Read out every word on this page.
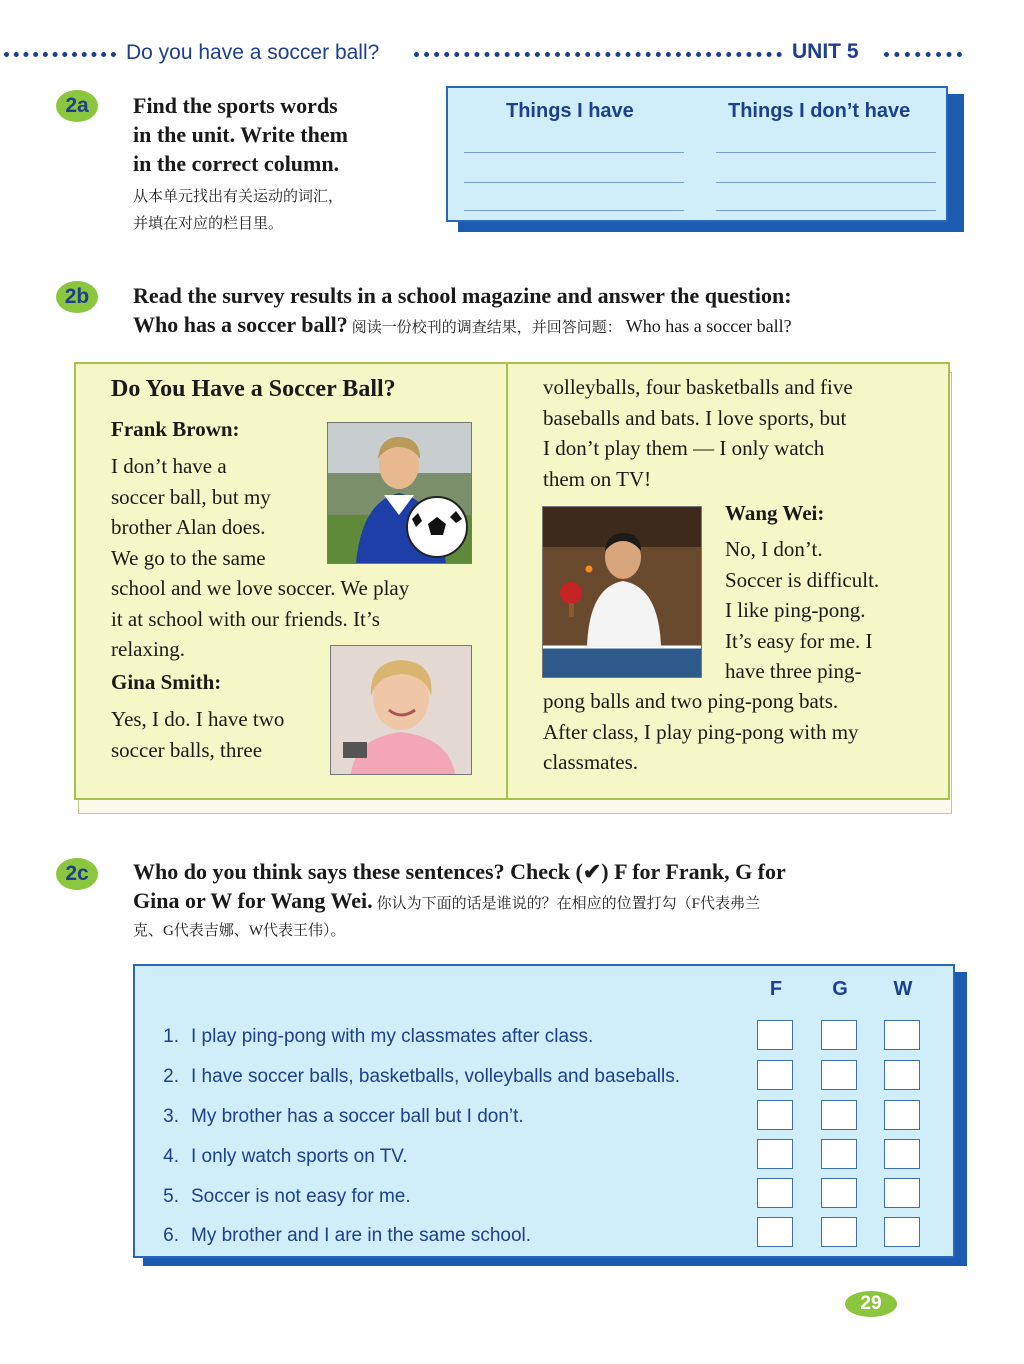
Do you have a soccer ball?	UNIT 5
2a	Find the sports words
in the unit. Write them
in the correct column.
从本单元找出有关运动的词汇，
并填在对应的栏目里。
Things I have	Things I don’t have
2b	Read the survey results in a school magazine and answer the question:
Who has a soccer ball? 阅读一份校刊的调查结果，并回答问题： Who has a soccer ball?
Do You Have a Soccer Ball?
Frank Brown:
I don’t have a
soccer ball, but my
brother Alan does.
We go to the same
school and we love soccer. We play
it at school with our friends. It’s
relaxing.
Gina Smith:
Yes, I do. I have two
soccer balls, three
volleyballs, four basketballs and five
baseballs and bats. I love sports, but
I don’t play them — I only watch
them on TV!
Wang Wei:
No, I don’t.
Soccer is difficult.
I like ping-pong.
It’s easy for me. I
have three ping-
pong balls and two ping-pong bats.
After class, I play ping-pong with my
classmates.
2c	Who do you think says these sentences? Check (✔) F for Frank, G for
Gina or W for Wang Wei. 你认为下面的话是谁说的？在相应的位置打勾（F代表弗兰
克、G代表吉娜、W代表王伟）。
F	G	W
1. I play ping-pong with my classmates after class.
2. I have soccer balls, basketballs, volleyballs and baseballs.
3. My brother has a soccer ball but I don’t.
4. I only watch sports on TV.
5. Soccer is not easy for me.
6. My brother and I are in the same school.
29
